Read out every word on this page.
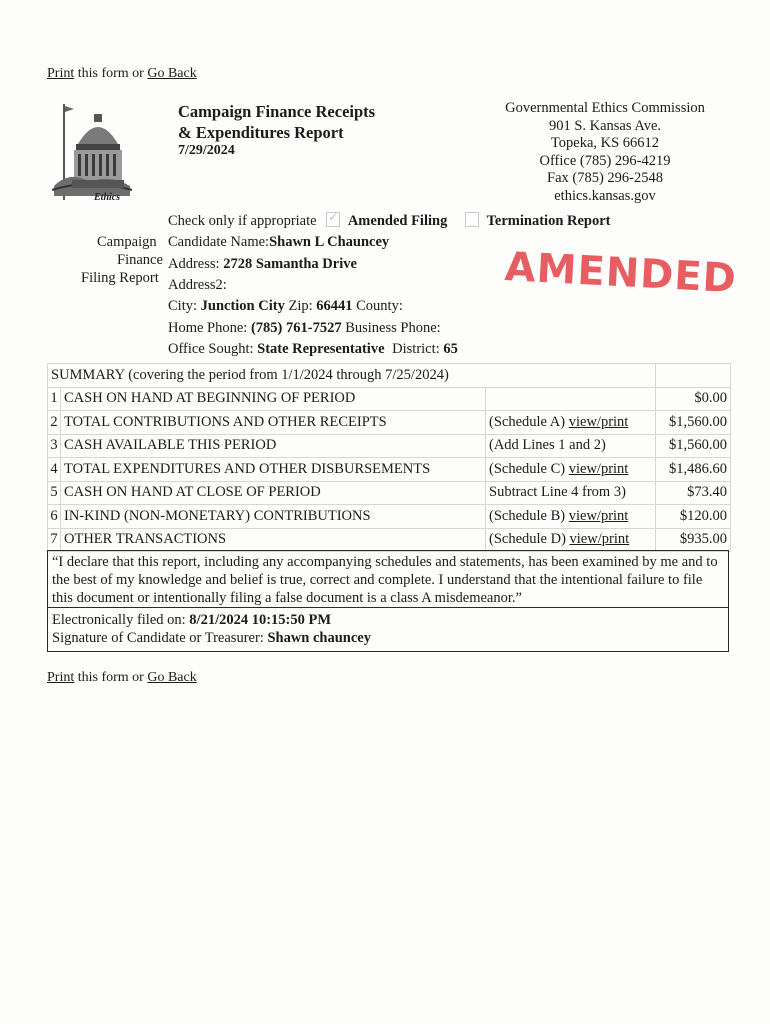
Print this form or Go Back
Ethics
Campaign Finance Receipts
& Expenditures Report
7/29/2024
Governmental Ethics Commission
901 S. Kansas Ave.
Topeka, KS 66612
Office (785) 296-4219
Fax (785) 296-2548
ethics.kansas.gov
Check only if appropriate ✓ Amended Filing	Termination Report
Campaign
Finance
Filing Report
Candidate Name:Shawn L Chauncey
Address: 2728 Samantha Drive
Address2:
City: Junction City Zip: 66441 County:
Home Phone: (785) 761-7527 Business Phone:
Office Sought: State Representative District: 65
AMENDED
SUMMARY (covering the period from 1/1/2024 through 7/25/2024)			
1	CASH ON HAND AT BEGINNING OF PERIOD		$0.00
2	TOTAL CONTRIBUTIONS AND OTHER RECEIPTS	(Schedule A) view/print	$1,560.00
3	CASH AVAILABLE THIS PERIOD	(Add Lines 1 and 2)	$1,560.00
4	TOTAL EXPENDITURES AND OTHER DISBURSEMENTS	(Schedule C) view/print	$1,486.60
5	CASH ON HAND AT CLOSE OF PERIOD	Subtract Line 4 from 3)	$73.40
6	IN-KIND (NON-MONETARY) CONTRIBUTIONS	(Schedule B) view/print	$120.00
7	OTHER TRANSACTIONS	(Schedule D) view/print	$935.00
“I declare that this report, including any accompanying schedules and statements, has been examined by me and to the best of my knowledge and belief is true, correct and complete. I understand that the intentional failure to file this document or intentionally filing a false document is a class A misdemeanor.”
Electronically filed on: 8/21/2024 10:15:50 PM
Signature of Candidate or Treasurer: Shawn chauncey
Print this form or Go Back
